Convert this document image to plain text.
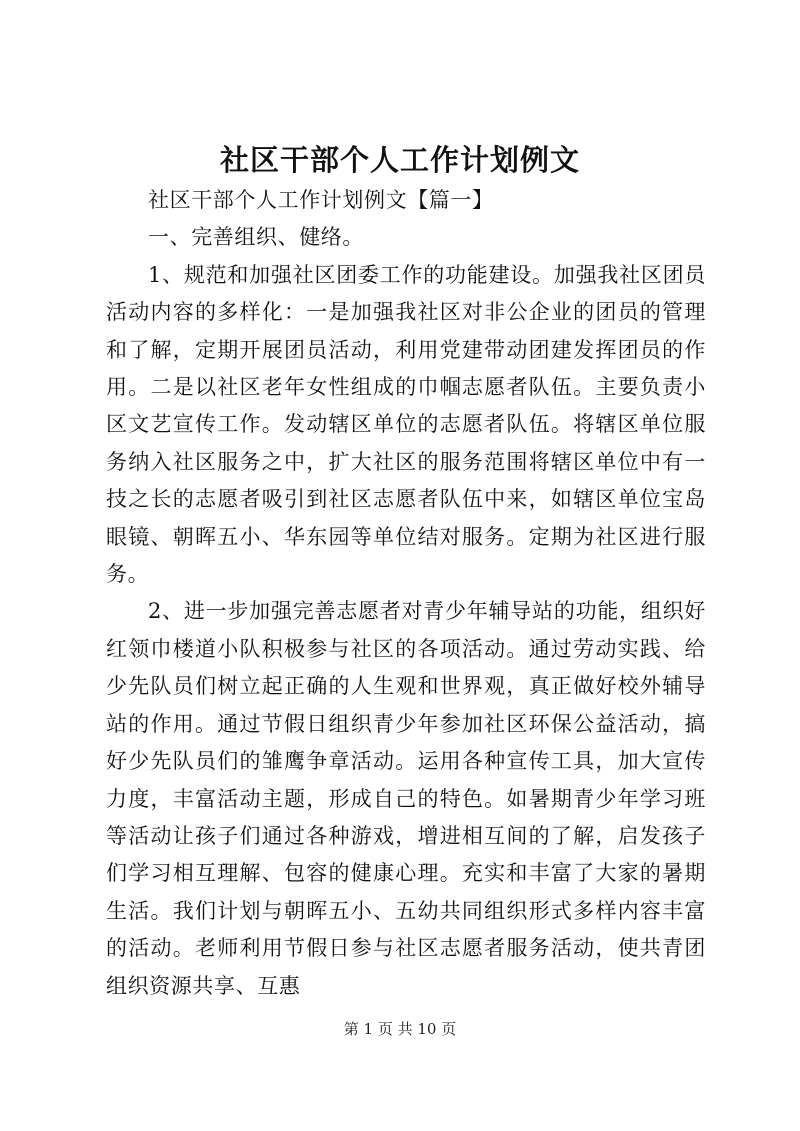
社区干部个人工作计划例文

社区干部个人工作计划例文【篇一】

一、完善组织、健络。

1、规范和加强社区团委工作的功能建设。加强我社区团员活动内容的多样化：一是加强我社区对非公企业的团员的管理和了解，定期开展团员活动，利用党建带动团建发挥团员的作用。二是以社区老年女性组成的巾帼志愿者队伍。主要负责小区文艺宣传工作。发动辖区单位的志愿者队伍。将辖区单位服务纳入社区服务之中，扩大社区的服务范围将辖区单位中有一技之长的志愿者吸引到社区志愿者队伍中来，如辖区单位宝岛眼镜、朝晖五小、华东园等单位结对服务。定期为社区进行服务。

2、进一步加强完善志愿者对青少年辅导站的功能，组织好红领巾楼道小队积极参与社区的各项活动。通过劳动实践、给少先队员们树立起正确的人生观和世界观，真正做好校外辅导站的作用。通过节假日组织青少年参加社区环保公益活动，搞好少先队员们的雏鹰争章活动。运用各种宣传工具，加大宣传力度，丰富活动主题，形成自己的特色。如暑期青少年学习班等活动让孩子们通过各种游戏，增进相互间的了解，启发孩子们学习相互理解、包容的健康心理。充实和丰富了大家的暑期生活。我们计划与朝晖五小、五幼共同组织形式多样内容丰富的活动。老师利用节假日参与社区志愿者服务活动，使共青团组织资源共享、互惠

第 1 页 共 10 页
